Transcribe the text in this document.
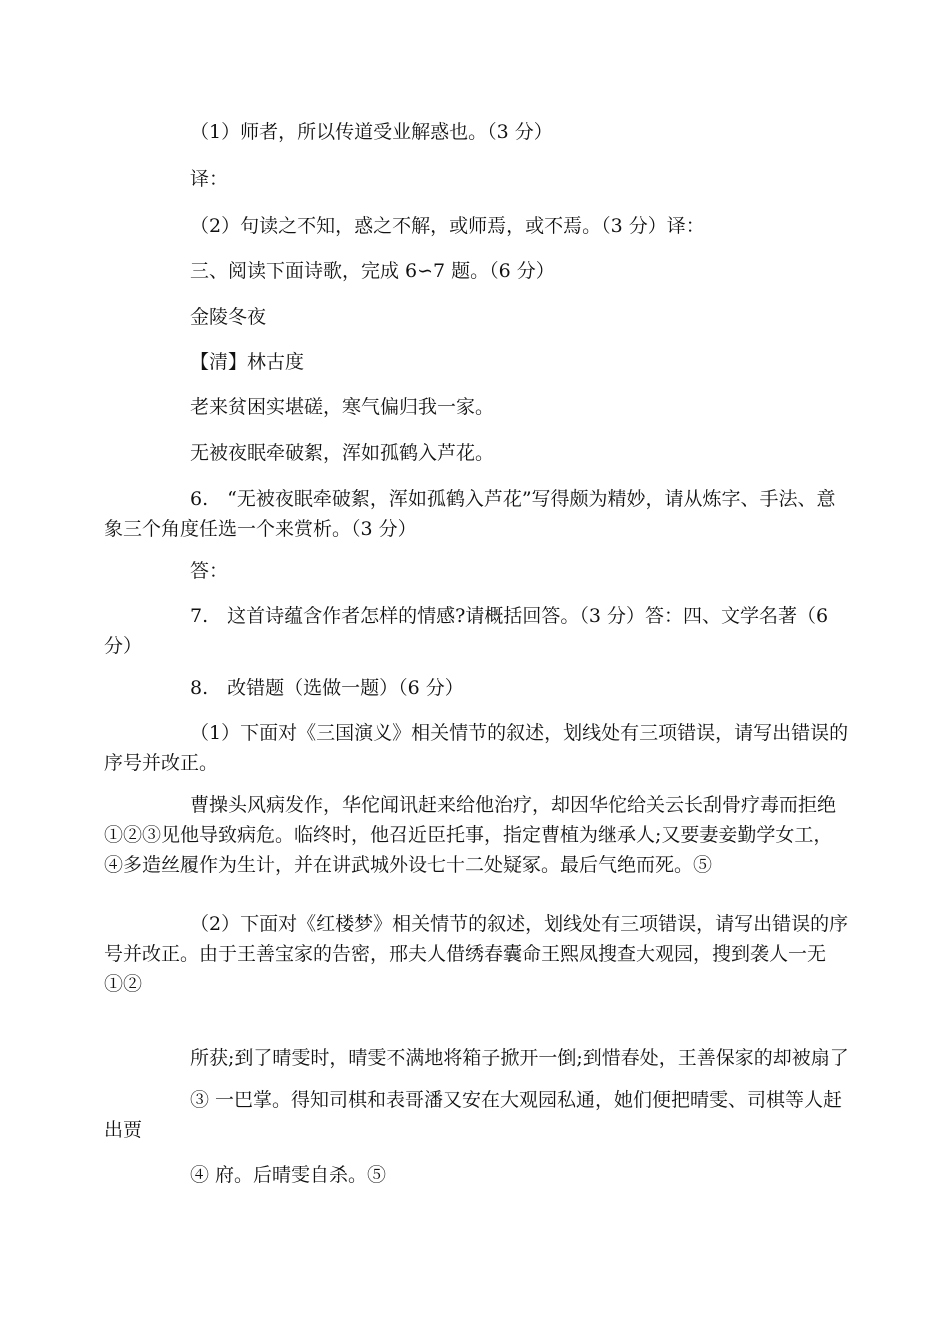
（1）师者，所以传道受业解惑也。（3 分）

译：

（2）句读之不知，惑之不解，或师焉，或不焉。（3 分）译：

三、阅读下面诗歌，完成 6∽7 题。（6 分）

金陵冬夜

【清】林古度

老来贫困实堪磋，寒气偏归我一家。

无被夜眠牵破絮，浑如孤鹤入芦花。

6.　“无被夜眠牵破絮，浑如孤鹤入芦花”写得颇为精妙，请从炼字、手法、意象三个角度任选一个来赏析。（3 分）

答：

7.　这首诗蕴含作者怎样的情感?请概括回答。（3 分）答：四、文学名著（6 分）

8.　改错题（选做一题）（6 分）

（1）下面对《三国演义》相关情节的叙述，划线处有三项错误，请写出错误的序号并改正。

曹操头风病发作，华佗闻讯赶来给他治疗，却因华佗给关云长刮骨疗毒而拒绝①②③见他导致病危。临终时，他召近臣托事，指定曹植为继承人;又要妻妾勤学女工，④多造丝履作为生计，并在讲武城外设七十二处疑冢。最后气绝而死。⑤

（2）下面对《红楼梦》相关情节的叙述，划线处有三项错误，请写出错误的序号并改正。由于王善宝家的告密，邢夫人借绣春囊命王熙凤搜查大观园，搜到袭人一无①②

所获;到了晴雯时，晴雯不满地将箱子掀开一倒;到惜春处，王善保家的却被扇了

③ 一巴掌。得知司棋和表哥潘又安在大观园私通，她们便把晴雯、司棋等人赶出贾

④ 府。后晴雯自杀。⑤
